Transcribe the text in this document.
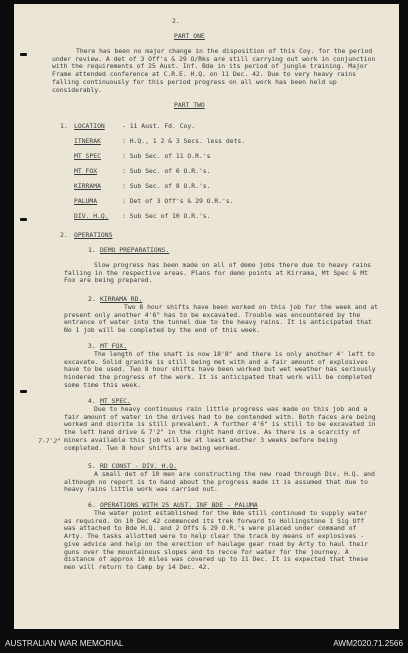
2.
PART ONE
There has been no major change in the disposition of this Coy. for the period under review. A det of 3 Off's & 29 O/Rks are still carrying out work in conjunction with the requirements of 25 Aust. Inf. Bde in its period of jungle training. Major Frame attended conference at C.R.E. H.Q. on 11 Dec. 42. Due to very heavy rains falling continuously for this period progress on all work has been held up considerably.
PART TWO
1. LOCATION	- 11 Aust. Fd. Coy.
ITNERAK	: H.Q., 1 2 & 3 Secs. less dets.
MT SPEC	: Sub Sec. of 11 O.R.'s
MT FOX	: Sub Sec. of 6 O.R.'s.
KIRRAMA	: Sub Sec. of 8 O.R.'s.
PALUMA	: Det of 3 Off's & 29 O.R.'s.
DIV. H.Q. : Sub Sec of 10 O.R.'s.
2. OPERATIONS
1. DEMO PREPARATIONS.
Slow progress has been made on all of demo jobs there due to heavy rains falling in the respective areas. Plans for demo points at Kirrama, Mt Spec & Mt Fox are being prepared.
2. KIRRAMA RD.
Two 8 hour shifts have been worked on this job for the week and at present only another 4'6" has to be excavated. Trouble was encountered by the entrance of water into the tunnel due to the heavy rains. It is anticipated that No 1 job will be completed by the end of this week.
3. MT FOX.
The length of the shaft is now 18'8" and there is only another 4' left to excavate. Solid granite is still being met with and a fair amount of explosives have to be used. Two 8 hour shifts have been worked but wet weather has seriously hindered the progress of the work. It is anticipated that work will be completed some time this week.
4. MT SPEC.
Due to heavy continuous rain little progress was made on this job and a fair amount of water in the drives had to be contended with. Both faces are being worked and diorite is still prevalent. A further 4'6" is still to be excavated in the left hand drive & 7'2" in the right hand drive. As there is a scarcity of miners available this job will be at least another 3 weeks before being completed. Two 8 hour shifts are being worked.
7-7'2"
5. RD CONST - DIV. H.Q.
A small det of 10 men are constructing the new road through Div. H.Q. and although no report is to hand about the progress made it is assumed that due to heavy rains little work was carried out.
6. OPERATIONS WITH 25 AUST. INF BDE - PALUMA
The water point established for the Bde still continued to supply water as required. On 10 Dec 42 commenced its trek forward to Hollingstone 1 Sig Off was attached to Bde H.Q. and 2 Offs & 29 O.R.'s were placed under command of Arty. The tasks allotted were to help clear the track by means of explosives - give advice and help on the erection of haulage gear road by Arty to haul their guns over the mountainous slopes and to recce for water for the journey. A distance of approx 10 miles was covered up to 11 Dec. It is expected that these men will return to Camp by 14 Dec. 42.
AUSTRALIAN WAR MEMORIAL	AWM2020.71.2566
